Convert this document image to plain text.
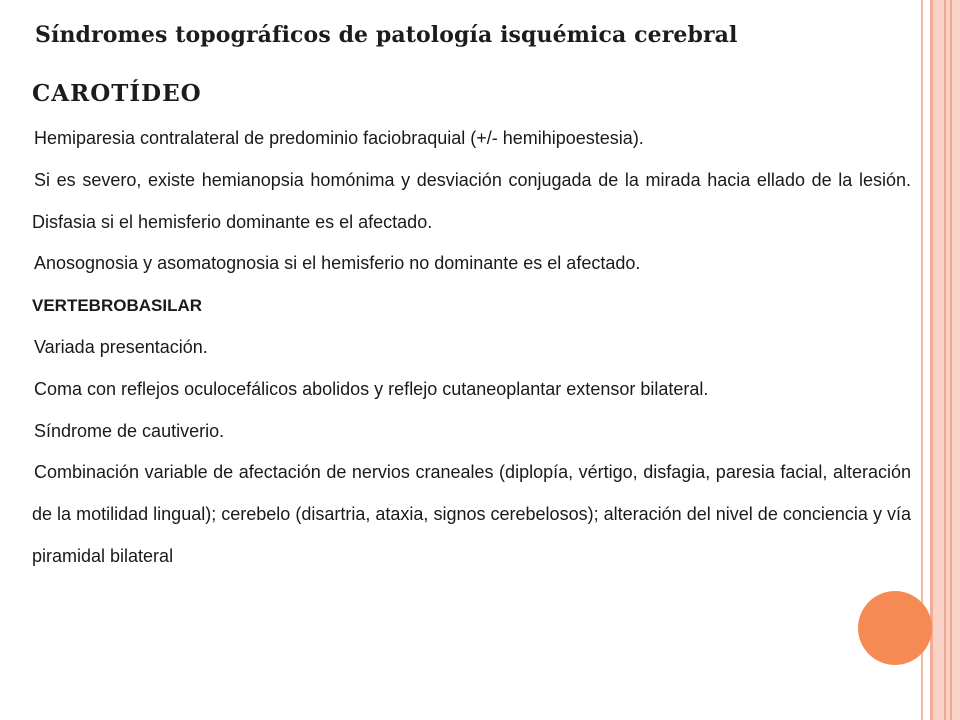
Síndromes topográficos de patología isquémica cerebral
CAROTÍDEO

Hemiparesia contralateral de predominio faciobraquial (+/- hemihipoestesia).

Si es severo, existe hemianopsia homónima y desviación conjugada de la mirada hacia ellado de la lesión. Disfasia si el hemisferio dominante es el afectado.

Anosognosia y asomatognosia si el hemisferio no dominante es el afectado.

VERTEBROBASILAR

Variada presentación.

Coma con reflejos oculocefálicos abolidos y reflejo cutaneoplantar extensor bilateral.

Síndrome de cautiverio.

Combinación variable de afectación de nervios craneales (diplopía, vértigo, disfagia, paresia facial, alteración de la motilidad lingual); cerebelo (disartria, ataxia, signos cerebelosos); alteración del nivel de conciencia y vía piramidal bilateral
